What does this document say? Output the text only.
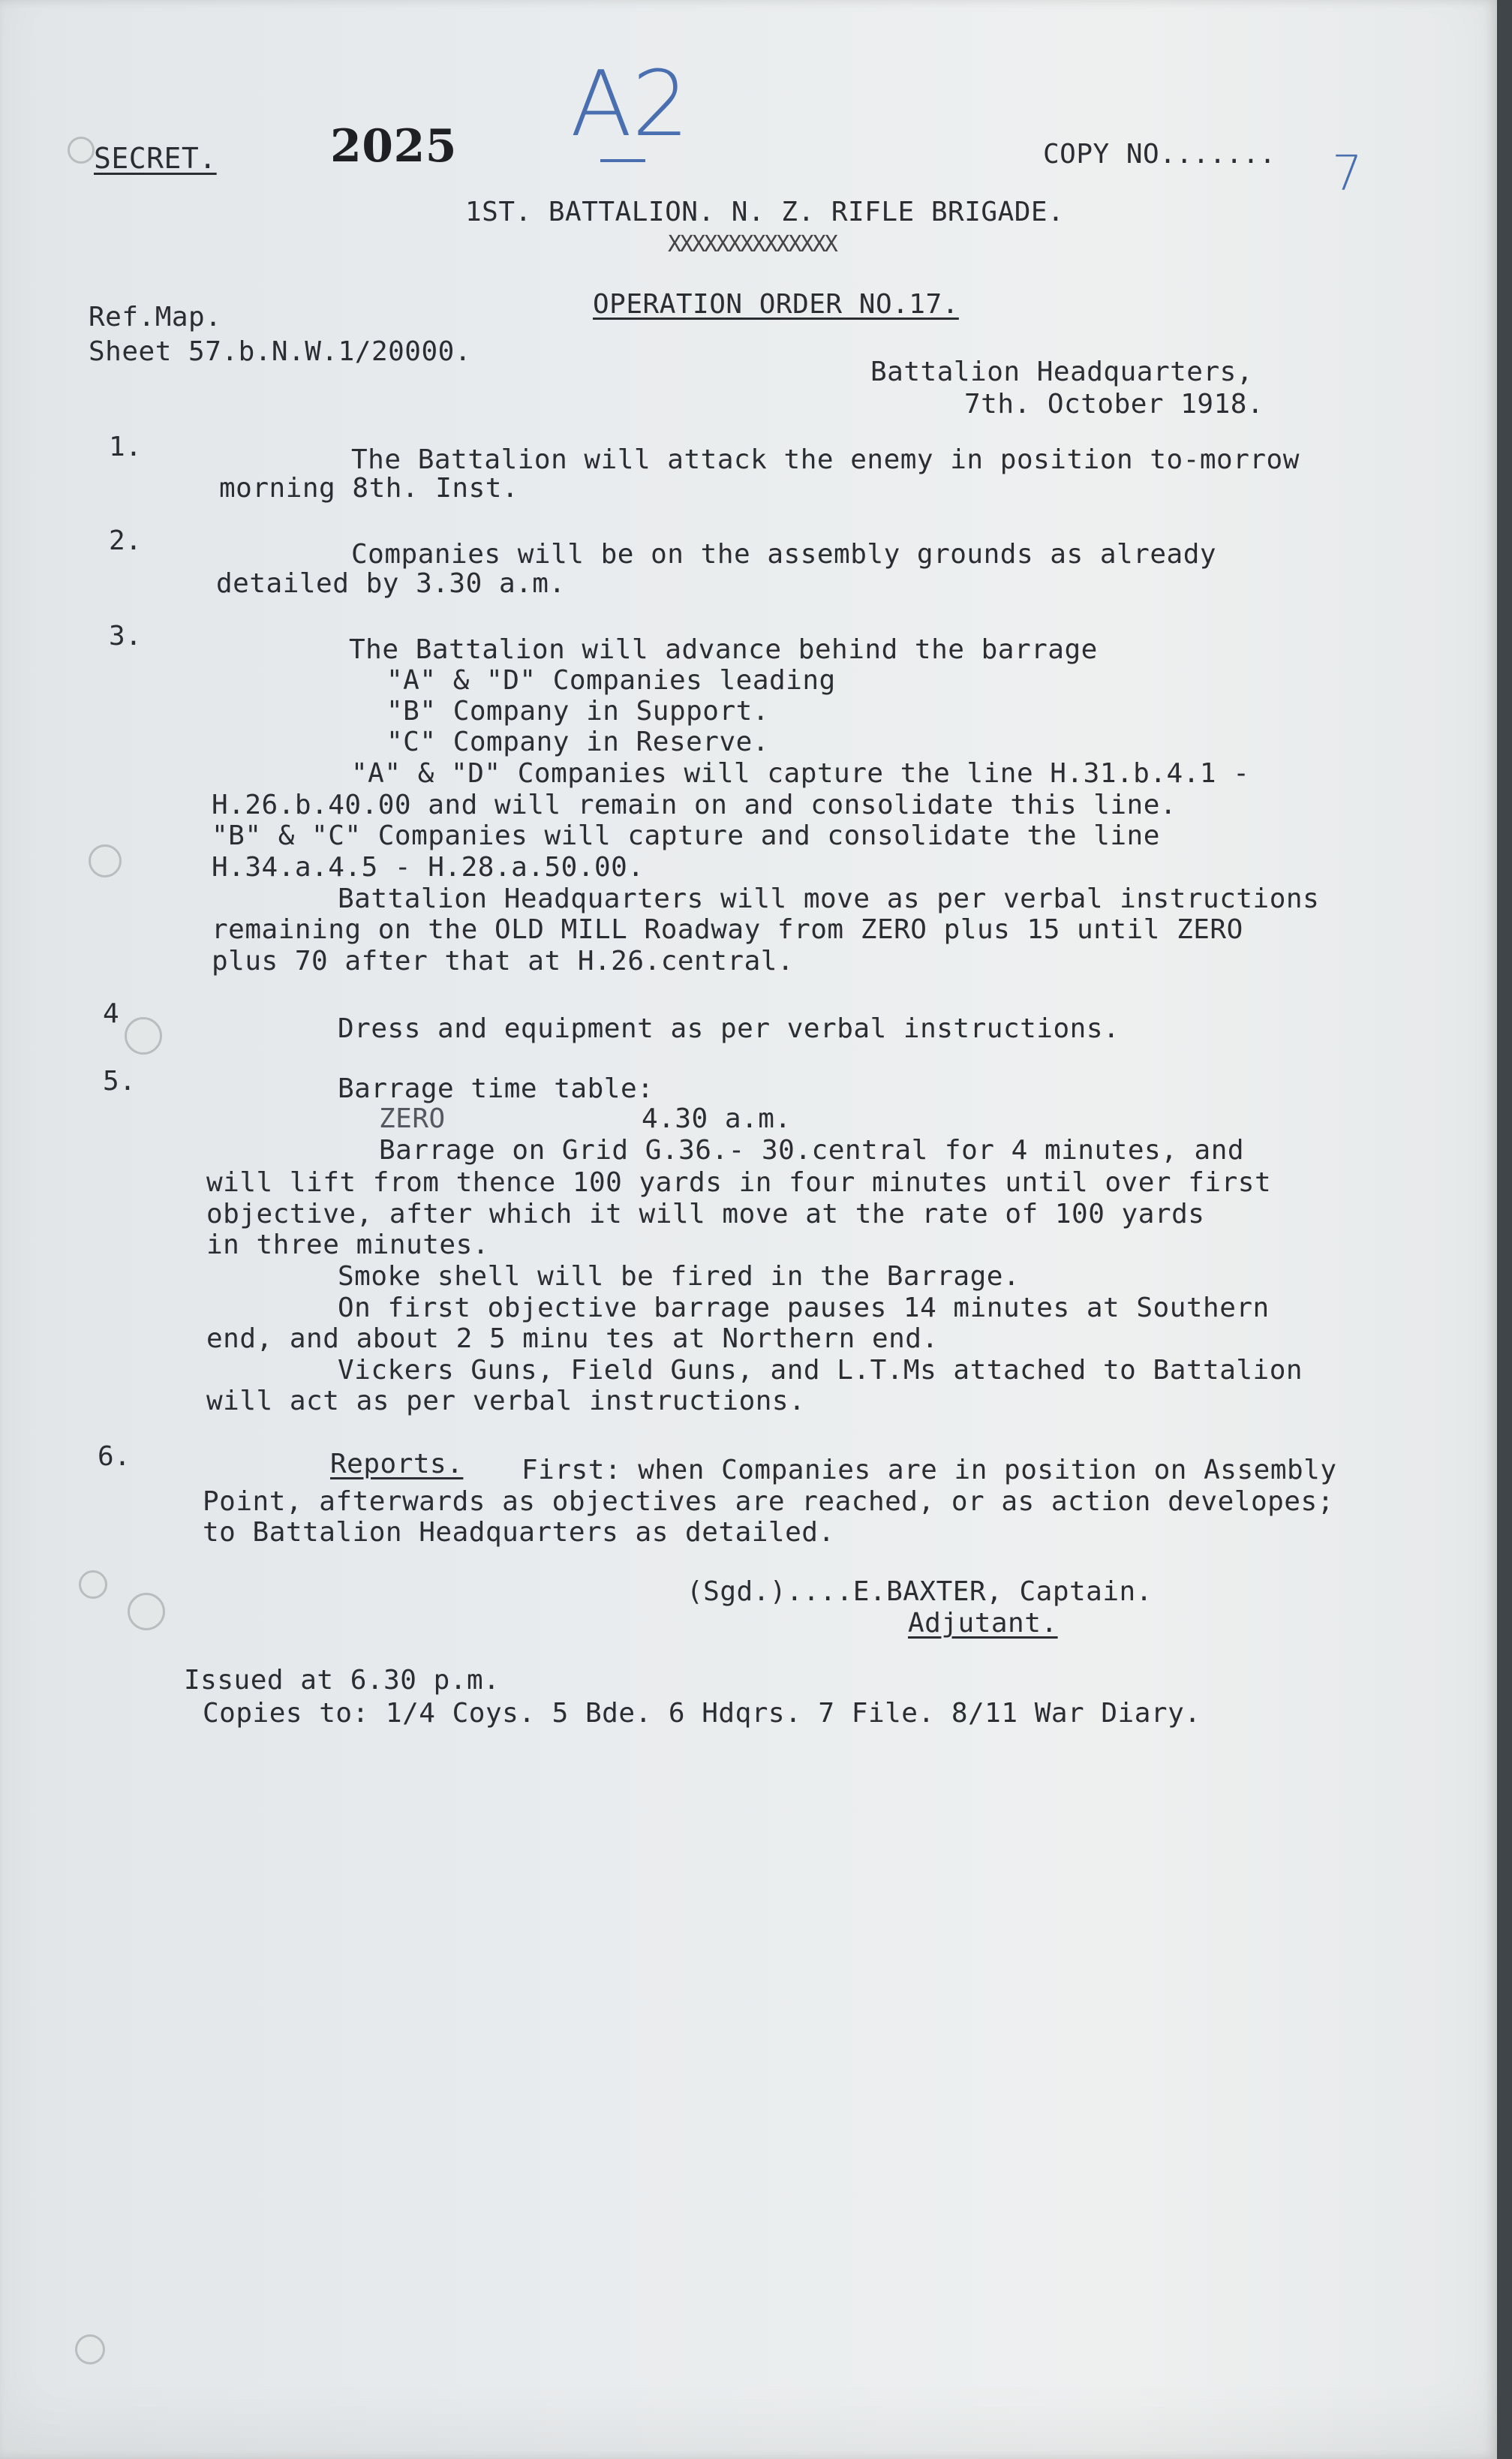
SECRET.	2025 A2	COPY NO....... 7
1ST. BATTALION. N. Z. RIFLE BRIGADE.
XXXXXXXXXXXXXX
OPERATION ORDER NO.17.
Ref.Map.
Sheet 57.b.N.W.1/20000.
Battalion Headquarters,
7th. October 1918.
1.	The Battalion will attack the enemy in position to-morrow
morning 8th. Inst.
2.	Companies will be on the assembly grounds as already
detailed by 3.30 a.m.
3.	The Battalion will advance behind the barrage
"A" & "D" Companies leading
"B" Company in Support.
"C" Company in Reserve.
"A" & "D" Companies will capture the line H.31.b.4.1 -
H.26.b.40.00 and will remain on and consolidate this line.
"B" & "C" Companies will capture and consolidate the line
H.34.a.4.5 - H.28.a.50.00.
Battalion Headquarters will move as per verbal instructions
remaining on the OLD MILL Roadway from ZERO plus 15 until ZERO
plus 70 after that at H.26.central.
4	Dress and equipment as per verbal instructions.
5.	Barrage time table:
ZERO	4.30 a.m.
Barrage on Grid G.36.- 30.central for 4 minutes, and
will lift from thence 100 yards in four minutes until over first
objective, after which it will move at the rate of 100 yards
in three minutes.
Smoke shell will be fired in the Barrage.
On first objective barrage pauses 14 minutes at Southern
end, and about 2 5 minu tes at Northern end.
Vickers Guns, Field Guns, and L.T.Ms attached to Battalion
will act as per verbal instructions.
6.	Reports. First: when Companies are in position on Assembly
Point, afterwards as objectives are reached, or as action developes;
to Battalion Headquarters as detailed.
(Sgd.)....E.BAXTER, Captain.
Adjutant.
Issued at 6.30 p.m.
Copies to: 1/4 Coys. 5 Bde. 6 Hdqrs. 7 File. 8/11 War Diary.
